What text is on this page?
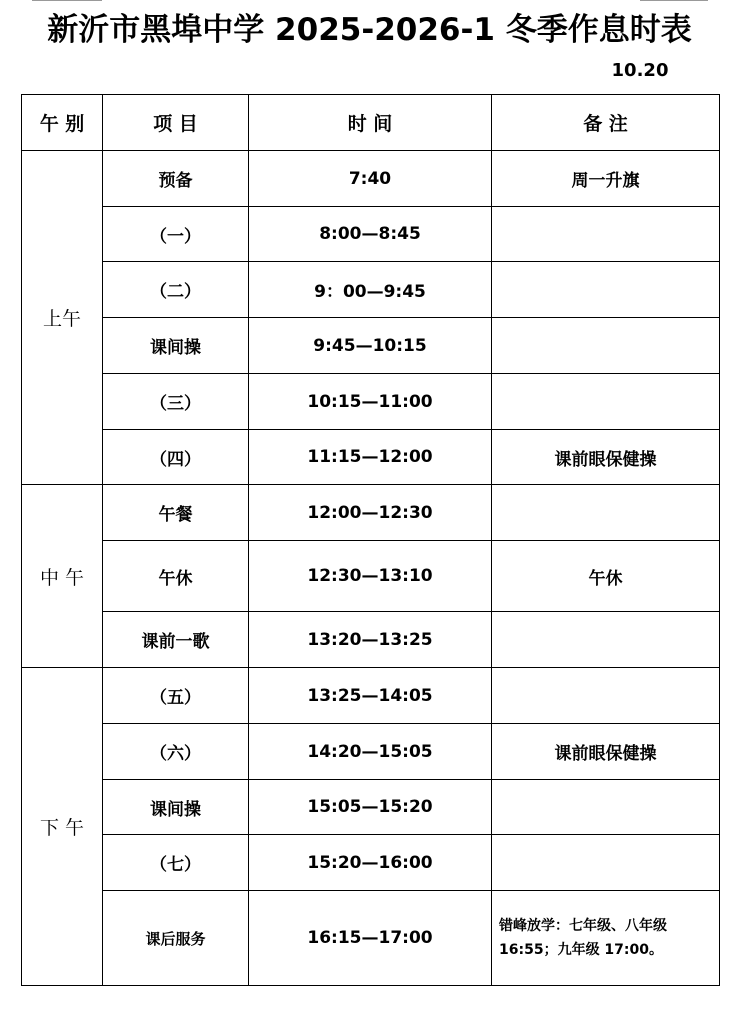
新沂市黑埠中学 2025-2026-1 冬季作息时表
10.20
午 别	项 目	时 间	备 注
上午	预备	7:40	周一升旗
	（一）	8:00—8:45	
	（二）	9：00—9:45	
	课间操	9:45—10:15	
	（三）	10:15—11:00	
	（四）	11:15—12:00	课前眼保健操
中 午	午餐	12:00—12:30	
	午休	12:30—13:10	午休
	课前一歌	13:20—13:25	
下 午	（五）	13:25—14:05	
	（六）	14:20—15:05	课前眼保健操
	课间操	15:05—15:20	
	（七）	15:20—16:00	
	课后服务	16:15—17:00	错峰放学：七年级、八年级 16:55；九年级 17:00。
